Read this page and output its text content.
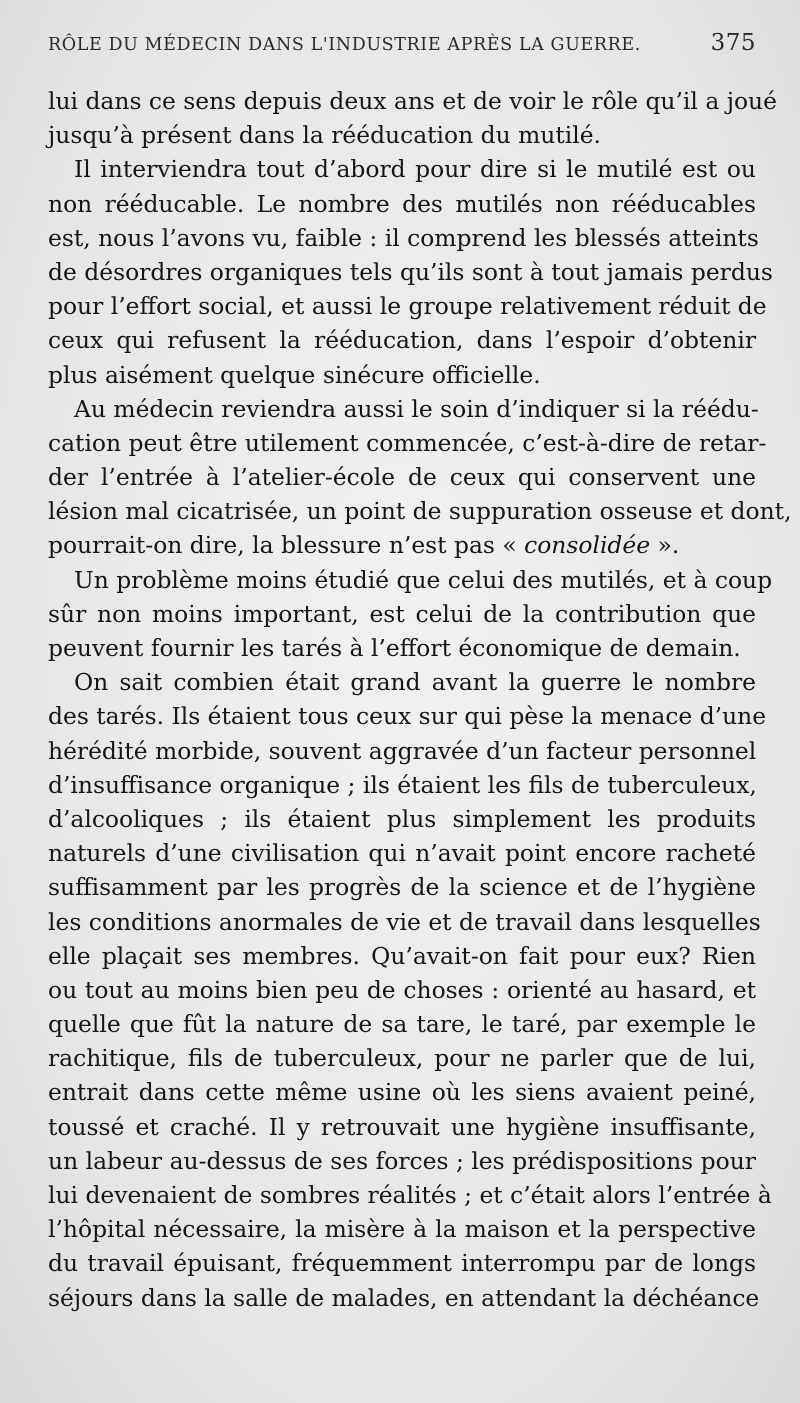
RÔLE DU MÉDECIN DANS L'INDUSTRIE APRÈS LA GUERRE.	375
lui dans ce sens depuis deux ans et de voir le rôle qu’il a joué
jusqu’à présent dans la rééducation du mutilé.
Il interviendra tout d’abord pour dire si le mutilé est ou
non rééducable. Le nombre des mutilés non rééducables
est, nous l’avons vu, faible : il comprend les blessés atteints
de désordres organiques tels qu’ils sont à tout jamais perdus
pour l’effort social, et aussi le groupe relativement réduit de
ceux qui refusent la rééducation, dans l’espoir d’obtenir
plus aisément quelque sinécure officielle.
Au médecin reviendra aussi le soin d’indiquer si la réédu-
cation peut être utilement commencée, c’est-à-dire de retar-
der l’entrée à l’atelier-école de ceux qui conservent une
lésion mal cicatrisée, un point de suppuration osseuse et dont,
pourrait-on dire, la blessure n’est pas « consolidée ».
Un problème moins étudié que celui des mutilés, et à coup
sûr non moins important, est celui de la contribution que
peuvent fournir les tarés à l’effort économique de demain.
On sait combien était grand avant la guerre le nombre
des tarés. Ils étaient tous ceux sur qui pèse la menace d’une
hérédité morbide, souvent aggravée d’un facteur personnel
d’insuffisance organique ; ils étaient les fils de tuberculeux,
d’alcooliques ; ils étaient plus simplement les produits
naturels d’une civilisation qui n’avait point encore racheté
suffisamment par les progrès de la science et de l’hygiène
les conditions anormales de vie et de travail dans lesquelles
elle plaçait ses membres. Qu’avait-on fait pour eux? Rien
ou tout au moins bien peu de choses : orienté au hasard, et
quelle que fût la nature de sa tare, le taré, par exemple le
rachitique, fils de tuberculeux, pour ne parler que de lui,
entrait dans cette même usine où les siens avaient peiné,
toussé et craché. Il y retrouvait une hygiène insuffisante,
un labeur au-dessus de ses forces ; les prédispositions pour
lui devenaient de sombres réalités ; et c’était alors l’entrée à
l’hôpital nécessaire, la misère à la maison et la perspective
du travail épuisant, fréquemment interrompu par de longs
séjours dans la salle de malades, en attendant la déchéance
